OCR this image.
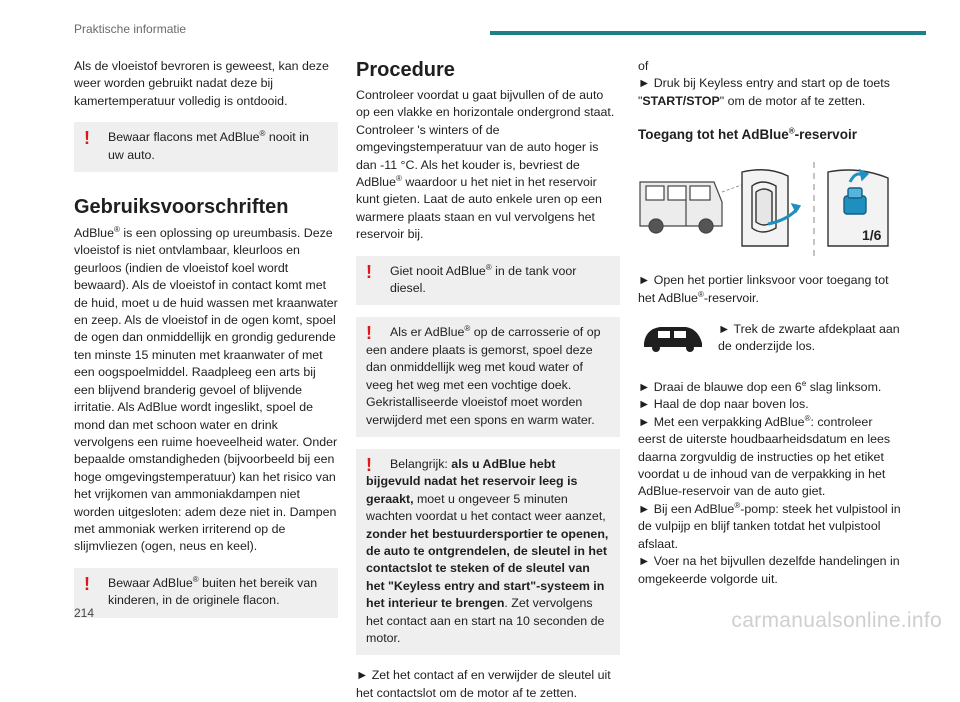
Praktische informatie

Als de vloeistof bevroren is geweest, kan deze weer worden gebruikt nadat deze bij kamertemperatuur volledig is ontdooid.

!	Bewaar flacons met AdBlue® nooit in uw auto.
Gebruiksvoorschriften

AdBlue® is een oplossing op ureumbasis. Deze vloeistof is niet ontvlambaar, kleurloos en geurloos (indien de vloeistof koel wordt bewaard). Als de vloeistof in contact komt met de huid, moet u de huid wassen met kraanwater en zeep. Als de vloeistof in de ogen komt, spoel de ogen dan onmiddellijk en grondig gedurende ten minste 15 minuten met kraanwater of met een oogspoelmiddel. Raadpleeg een arts bij een blijvend branderig gevoel of blijvende irritatie. Als AdBlue wordt ingeslikt, spoel de mond dan met schoon water en drink vervolgens een ruime hoeveelheid water. Onder bepaalde omstandigheden (bijvoorbeeld bij een hoge omgevingstemperatuur) kan het risico van het vrijkomen van ammoniakdampen niet worden uitgesloten: adem deze niet in. Dampen met ammoniak werken irriterend op de slijmvliezen (ogen, neus en keel).

!	Bewaar AdBlue® buiten het bereik van kinderen, in de originele flacon.
Procedure

Controleer voordat u gaat bijvullen of de auto op een vlakke en horizontale ondergrond staat. Controleer 's winters of de omgevingstemperatuur van de auto hoger is dan -11 °C. Als het kouder is, bevriest de AdBlue® waardoor u het niet in het reservoir kunt gieten. Laat de auto enkele uren op een warmere plaats staan en vul vervolgens het reservoir bij.

!	Giet nooit AdBlue® in de tank voor diesel.
!	Als er AdBlue® op de carrosserie of op een andere plaats is gemorst, spoel deze dan onmiddellijk weg met koud water of veeg het weg met een vochtige doek. Gekristalliseerde vloeistof moet worden verwijderd met een spons en warm water.
!	Belangrijk: als u AdBlue hebt bijgevuld nadat het reservoir leeg is geraakt, moet u ongeveer 5 minuten wachten voordat u het contact weer aanzet, zonder het bestuurdersportier te openen, de auto te ontgrendelen, de sleutel in het contactslot te steken of de sleutel van het "Keyless entry and start"-systeem in het interieur te brengen. Zet vervolgens het contact aan en start na 10 seconden de motor.

► Zet het contact af en verwijder de sleutel uit het contactslot om de motor af te zetten.

of

► Druk bij Keyless entry and start op de toets "START/STOP" om de motor af te zetten.

Toegang tot het AdBlue®-reservoir
1/6

► Open het portier linksvoor voor toegang tot het AdBlue®-reservoir.

► Trek de zwarte afdekplaat aan de onderzijde los.

► Draai de blauwe dop een 6e slag linksom.

► Haal de dop naar boven los.

► Met een verpakking AdBlue®: controleer eerst de uiterste houdbaarheidsdatum en lees daarna zorgvuldig de instructies op het etiket voordat u de inhoud van de verpakking in het AdBlue-reservoir van de auto giet.

► Bij een AdBlue®-pomp: steek het vulpistool in de vulpijp en blijf tanken totdat het vulpistool afslaat.

► Voer na het bijvullen dezelfde handelingen in omgekeerde volgorde uit.

214	carmanualsonline.info
